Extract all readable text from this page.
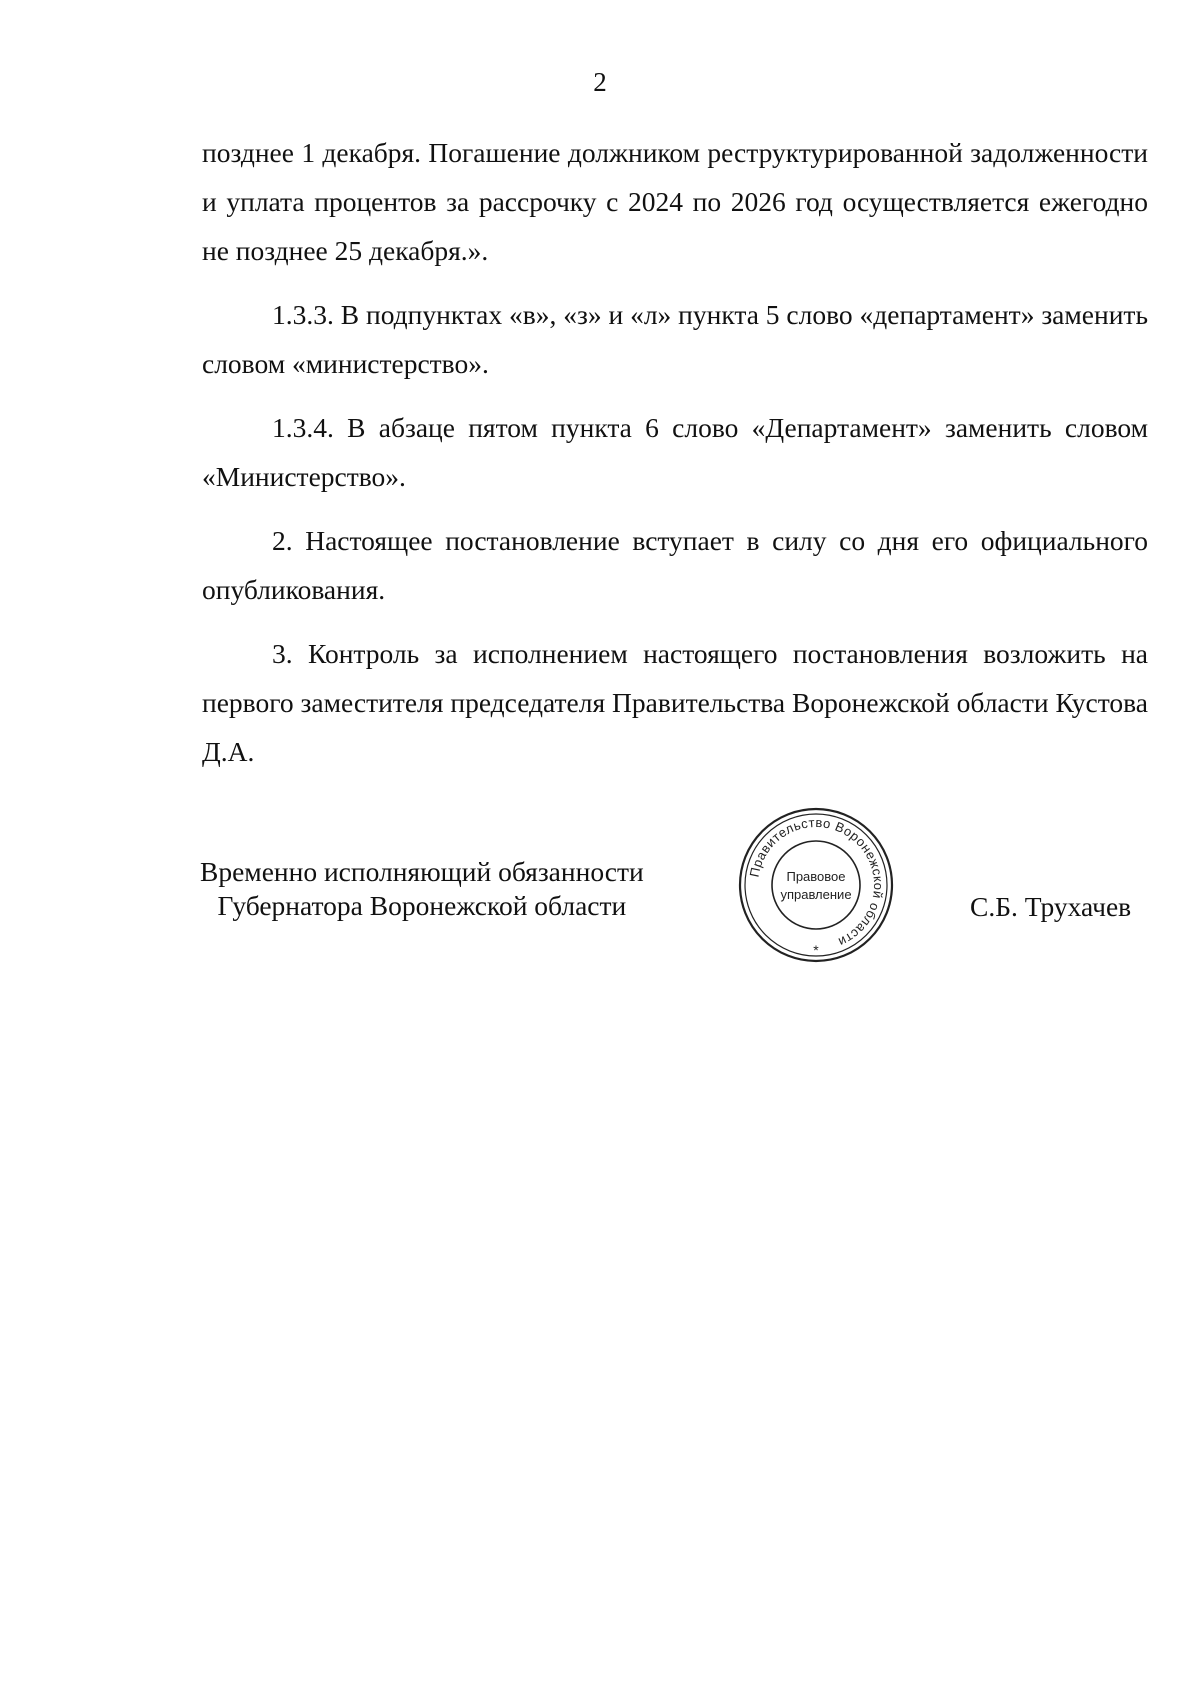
2

позднее 1 декабря. Погашение должником реструктурированной задолженности и уплата процентов за рассрочку с 2024 по 2026 год осуществляется ежегодно не позднее 25 декабря.».

1.3.3. В подпунктах «в», «з» и «л» пункта 5 слово «департамент» заменить словом «министерство».

1.3.4. В абзаце пятом пункта 6 слово «Департамент» заменить словом «Министерство».

2. Настоящее постановление вступает в силу со дня его официального опубликования.

3. Контроль за исполнением настоящего постановления возложить на первого заместителя председателя Правительства Воронежской области Кустова Д.А.

Временно исполняющий обязанности
Губернатора Воронежской области
Правительство Воронежской области
Правовое
управление
*
С.Б. Трухачев
